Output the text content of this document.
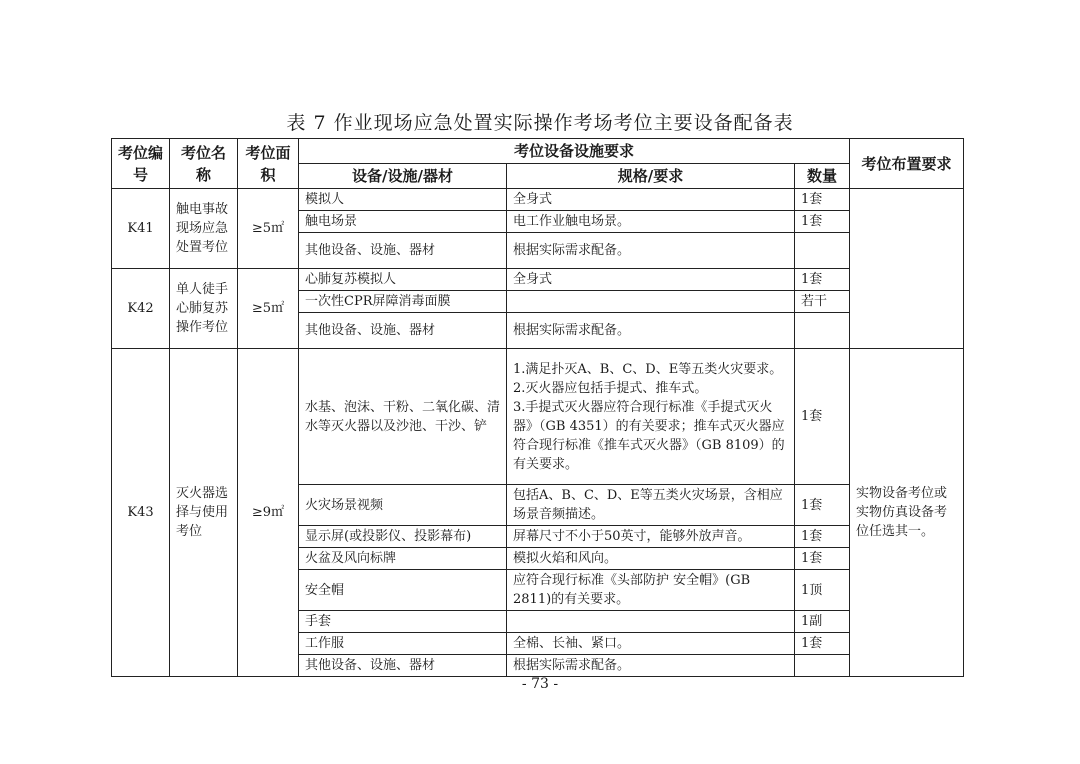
表 7 作业现场应急处置实际操作考场考位主要设备配备表
考位编号	考位名称	考位面积	考位设备设施要求			考位布置要求
			设备/设施/器材	规格/要求	数量	
K41	触电事故现场应急处置考位	≥5㎡	模拟人	全身式	1套	
			触电场景	电工作业触电场景。	1套	
			其他设备、设施、器材	根据实际需求配备。		
K42	单人徒手心肺复苏操作考位	≥5㎡	心肺复苏模拟人	全身式	1套	
			一次性CPR屏障消毒面膜		若干	
			其他设备、设施、器材	根据实际需求配备。		
K43	灭火器选择与使用考位	≥9㎡	水基、泡沫、干粉、二氧化碳、清水等灭火器以及沙池、干沙、铲	1.满足扑灭A、B、C、D、E等五类火灾要求。
2.灭火器应包括手提式、推车式。
3.手提式灭火器应符合现行标准《手提式灭火器》（GB 4351）的有关要求；推车式灭火器应符合现行标准《推车式灭火器》（GB 8109）的有关要求。	1套	实物设备考位或实物仿真设备考位任选其一。
			火灾场景视频	包括A、B、C、D、E等五类火灾场景，含相应场景音频描述。	1套	
			显示屏(或投影仪、投影幕布)	屏幕尺寸不小于50英寸，能够外放声音。	1套	
			火盆及风向标牌	模拟火焰和风向。	1套	
			安全帽	应符合现行标准《头部防护 安全帽》(GB 2811)的有关要求。	1顶	
			手套		1副	
			工作服	全棉、长袖、紧口。	1套	
			其他设备、设施、器材	根据实际需求配备。		
- 73 -
